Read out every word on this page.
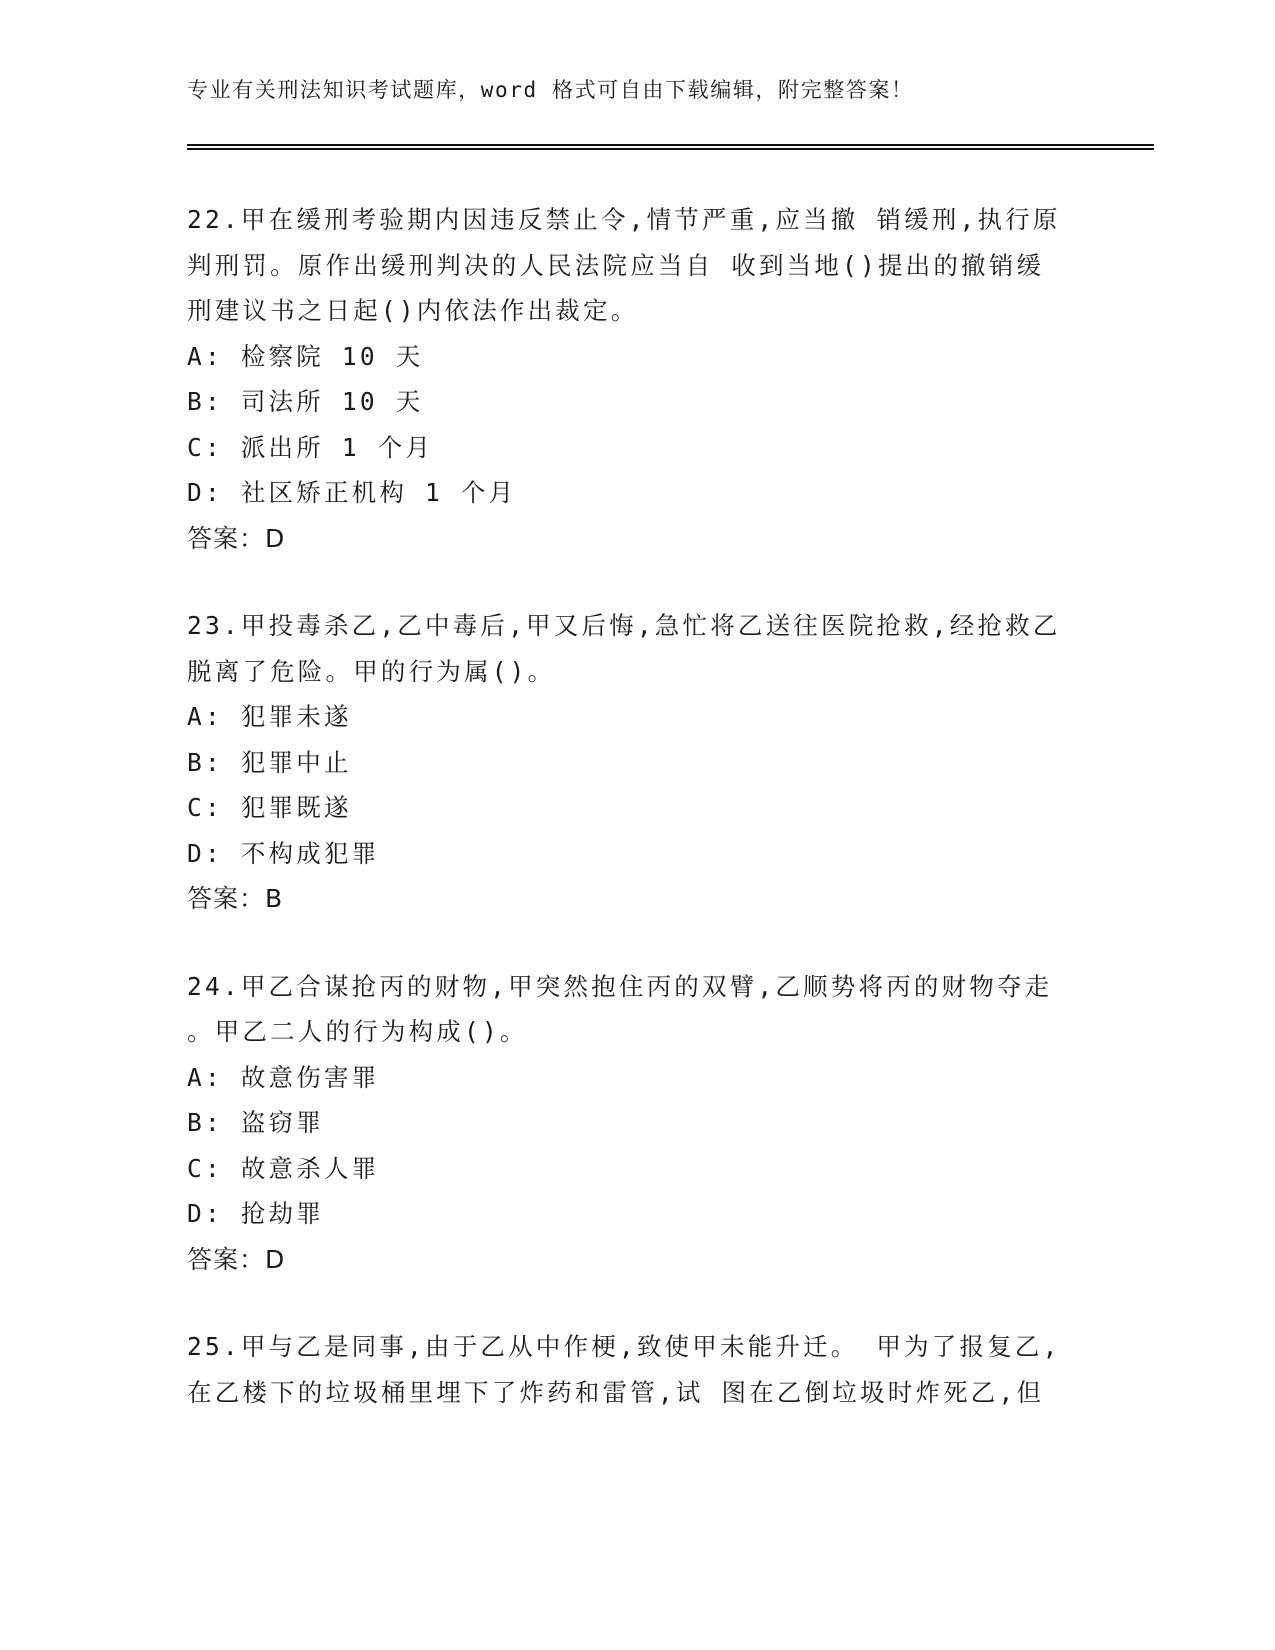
专业有关刑法知识考试题库，word 格式可自由下载编辑，附完整答案！

22.甲在缓刑考验期内因违反禁止令,情节严重,应当撤 销缓刑,执行原

判刑罚。原作出缓刑判决的人民法院应当自 收到当地()提出的撤销缓

刑建议书之日起()内依法作出裁定。

A: 检察院 10 天

B: 司法所 10 天

C: 派出所 1 个月

D: 社区矫正机构 1 个月

答案：D

23.甲投毒杀乙,乙中毒后,甲又后悔,急忙将乙送往医院抢救,经抢救乙

脱离了危险。甲的行为属()。

A: 犯罪未遂

B: 犯罪中止

C: 犯罪既遂

D: 不构成犯罪

答案：B

24.甲乙合谋抢丙的财物,甲突然抱住丙的双臂,乙顺势将丙的财物夺走

。甲乙二人的行为构成()。

A: 故意伤害罪

B: 盗窃罪

C: 故意杀人罪

D: 抢劫罪

答案：D

25.甲与乙是同事,由于乙从中作梗,致使甲未能升迁。 甲为了报复乙,

在乙楼下的垃圾桶里埋下了炸药和雷管,试 图在乙倒垃圾时炸死乙,但
